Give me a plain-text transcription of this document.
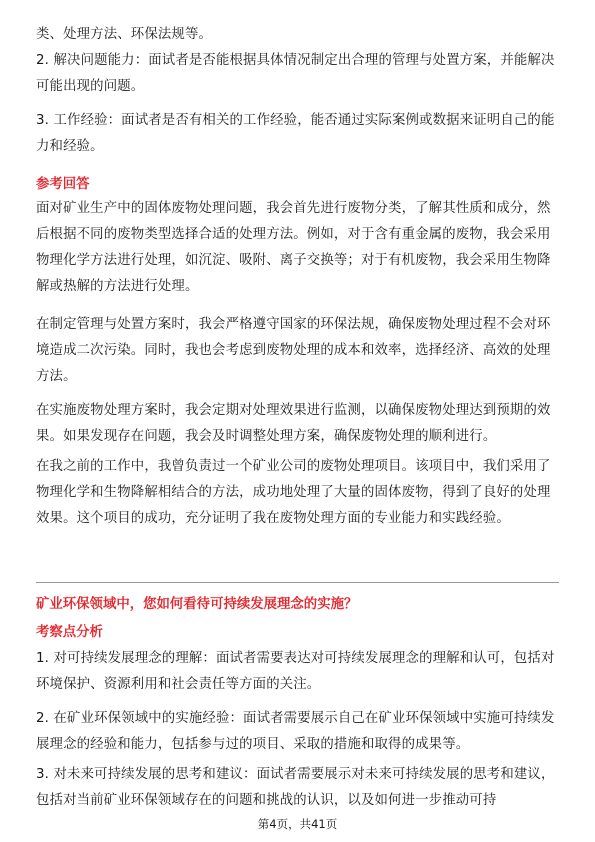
类、处理方法、环保法规等。

2. 解决问题能力：面试者是否能根据具体情况制定出合理的管理与处置方案，并能解决可能出现的问题。

3. 工作经验：面试者是否有相关的工作经验，能否通过实际案例或数据来证明自己的能力和经验。

参考回答

面对矿业生产中的固体废物处理问题，我会首先进行废物分类，了解其性质和成分，然后根据不同的废物类型选择合适的处理方法。例如，对于含有重金属的废物，我会采用物理化学方法进行处理，如沉淀、吸附、离子交换等；对于有机废物，我会采用生物降解或热解的方法进行处理。

在制定管理与处置方案时，我会严格遵守国家的环保法规，确保废物处理过程不会对环境造成二次污染。同时，我也会考虑到废物处理的成本和效率，选择经济、高效的处理方法。

在实施废物处理方案时，我会定期对处理效果进行监测，以确保废物处理达到预期的效果。如果发现存在问题，我会及时调整处理方案，确保废物处理的顺利进行。

在我之前的工作中，我曾负责过一个矿业公司的废物处理项目。该项目中，我们采用了物理化学和生物降解相结合的方法，成功地处理了大量的固体废物，得到了良好的处理效果。这个项目的成功，充分证明了我在废物处理方面的专业能力和实践经验。

矿业环保领域中，您如何看待可持续发展理念的实施？

考察点分析

1. 对可持续发展理念的理解：面试者需要表达对可持续发展理念的理解和认可，包括对环境保护、资源利用和社会责任等方面的关注。

2. 在矿业环保领域中的实施经验：面试者需要展示自己在矿业环保领域中实施可持续发展理念的经验和能力，包括参与过的项目、采取的措施和取得的成果等。

3. 对未来可持续发展的思考和建议：面试者需要展示对未来可持续发展的思考和建议，包括对当前矿业环保领域存在的问题和挑战的认识，以及如何进一步推动可持

第4页，共41页
